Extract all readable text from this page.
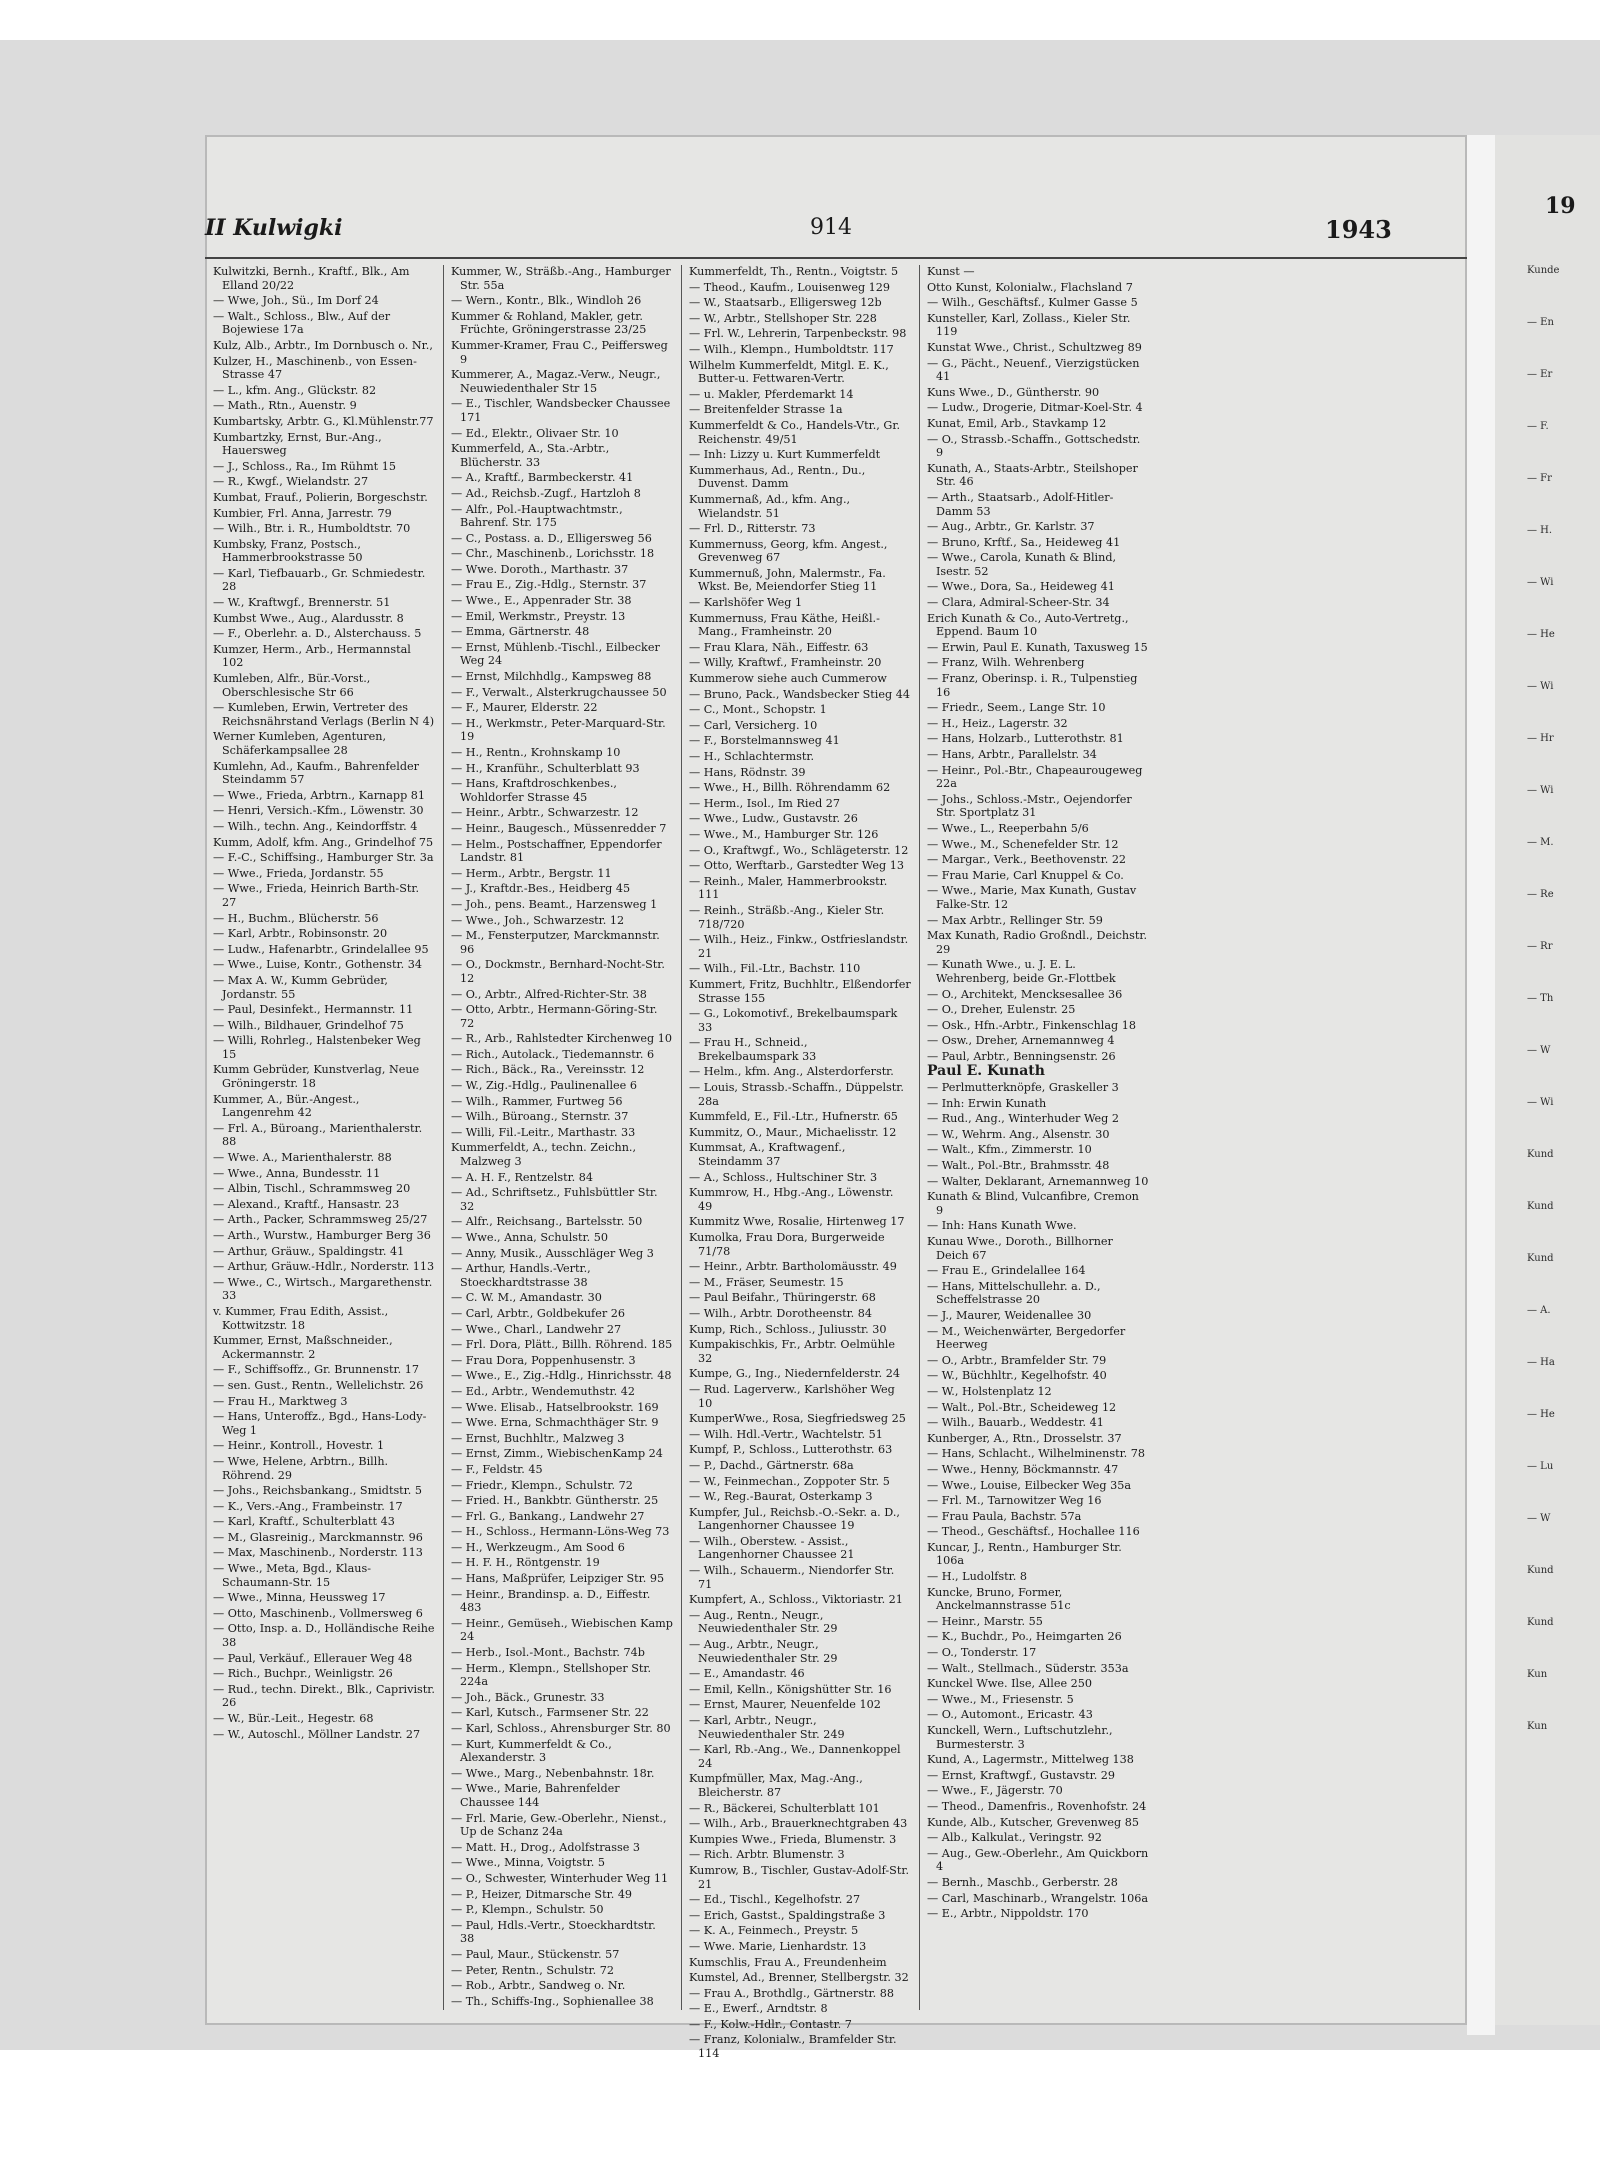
II Kulwigki	914	1943
Kulwitzki, Bernh., Kraftf., Blk., Am Elland 20/22
— Wwe, Joh., Sü., Im Dorf 24
— Walt., Schloss., Blw., Auf der Bojewiese 17a
Kulz, Alb., Arbtr., Im Dornbusch o. Nr.,
Kulzer, H., Maschinenb., von Essen-Strasse 47
— L., kfm. Ang., Glückstr. 82
— Math., Rtn., Auenstr. 9
Kumbartsky, Arbtr. G., Kl.Mühlenstr.77
Kumbartzky, Ernst, Bur.-Ang., Hauersweg
— J., Schloss., Ra., Im Rühmt 15
— R., Kwgf., Wielandstr. 27
Kumbat, Frauf., Polierin, Borgeschstr.
Kumbier, Frl. Anna, Jarrestr. 79
— Wilh., Btr. i. R., Humboldtstr. 70
Kumbsky, Franz, Postsch., Hammerbrookstrasse 50
— Karl, Tiefbauarb., Gr. Schmiedestr. 28
— W., Kraftwgf., Brennerstr. 51
Kumbst Wwe., Aug., Alardusstr. 8
— F., Oberlehr. a. D., Alsterchauss. 5
Kumzer, Herm., Arb., Hermannstal 102
Kumleben, Alfr., Bür.-Vorst., Oberschlesische Str 66
— Kumleben, Erwin, Vertreter des Reichsnährstand Verlags (Berlin N 4)
Werner Kumleben, Agenturen, Schäferkampsallee 28
Kumlehn, Ad., Kaufm., Bahrenfelder Steindamm 57
— Wwe., Frieda, Arbtrn., Karnapp 81
— Henri, Versich.-Kfm., Löwenstr. 30
— Wilh., techn. Ang., Keindorffstr. 4
Kumm, Adolf, kfm. Ang., Grindelhof 75
— F.-C., Schiffsing., Hamburger Str. 3a
— Wwe., Frieda, Jordanstr. 55
— Wwe., Frieda, Heinrich Barth-Str. 27
— H., Buchm., Blücherstr. 56
— Karl, Arbtr., Robinsonstr. 20
— Ludw., Hafenarbtr., Grindelallee 95
— Wwe., Luise, Kontr., Gothenstr. 34
— Max A. W., Kumm Gebrüder, Jordanstr. 55
— Paul, Desinfekt., Hermannstr. 11
— Wilh., Bildhauer, Grindelhof 75
— Willi, Rohrleg., Halstenbeker Weg 15
Kumm Gebrüder, Kunstverlag, Neue Gröningerstr. 18
Kummer, A., Bür.-Angest., Langenrehm 42
— Frl. A., Büroang., Marienthalerstr. 88
— Wwe. A., Marienthalerstr. 88
— Wwe., Anna, Bundesstr. 11
— Albin, Tischl., Schrammsweg 20
— Alexand., Kraftf., Hansastr. 23
— Arth., Packer, Schrammsweg 25/27
— Arth., Wurstw., Hamburger Berg 36
— Arthur, Gräuw., Spaldingstr. 41
— Arthur, Gräuw.-Hdlr., Norderstr. 113
— Wwe., C., Wirtsch., Margarethenstr. 33
v. Kummer, Frau Edith, Assist., Kottwitzstr. 18
Kummer, Ernst, Maßschneider., Ackermannstr. 2
— F., Schiffsoffz., Gr. Brunnenstr. 17
— sen. Gust., Rentn., Wellelichstr. 26
— Frau H., Marktweg 3
— Hans, Unteroffz., Bgd., Hans-Lody-Weg 1
— Heinr., Kontroll., Hovestr. 1
— Wwe, Helene, Arbtrn., Billh. Röhrend. 29
— Johs., Reichsbankang., Smidtstr. 5
— K., Vers.-Ang., Frambeinstr. 17
— Karl, Kraftf., Schulterblatt 43
— M., Glasreinig., Marckmannstr. 96
— Max, Maschinenb., Norderstr. 113
— Wwe., Meta, Bgd., Klaus-Schaumann-Str. 15
— Wwe., Minna, Heussweg 17
— Otto, Maschinenb., Vollmersweg 6
— Otto, Insp. a. D., Holländische Reihe 38
— Paul, Verkäuf., Ellerauer Weg 48
— Rich., Buchpr., Weinligstr. 26
— Rud., techn. Direkt., Blk., Caprivistr. 26
— W., Bür.-Leit., Hegestr. 68
— W., Autoschl., Möllner Landstr. 27
Kummer, W., Sträßb.-Ang., Hamburger Str. 55a
— Wern., Kontr., Blk., Windloh 26
Kummer & Rohland, Makler, getr. Früchte, Gröningerstrasse 23/25
Kummer-Kramer, Frau C., Peiffersweg 9
Kummerer, A., Magaz.-Verw., Neugr., Neuwiedenthaler Str 15
— E., Tischler, Wandsbecker Chaussee 171
— Ed., Elektr., Olivaer Str. 10
Kummerfeld, A., Sta.-Arbtr., Blücherstr. 33
— A., Kraftf., Barmbeckerstr. 41
— Ad., Reichsb.-Zugf., Hartzloh 8
— Alfr., Pol.-Hauptwachtmstr., Bahrenf. Str. 175
— C., Postass. a. D., Elligersweg 56
— Chr., Maschinenb., Lorichsstr. 18
— Wwe. Doroth., Marthastr. 37
— Frau E., Zig.-Hdlg., Sternstr. 37
— Wwe., E., Appenrader Str. 38
— Emil, Werkmstr., Preystr. 13
— Emma, Gärtnerstr. 48
— Ernst, Mühlenb.-Tischl., Eilbecker Weg 24
— Ernst, Milchhdlg., Kampsweg 88
— F., Verwalt., Alsterkrugchaussee 50
— F., Maurer, Elderstr. 22
— H., Werkmstr., Peter-Marquard-Str. 19
— H., Rentn., Krohnskamp 10
— H., Kranführ., Schulterblatt 93
— Hans, Kraftdroschkenbes., Wohldorfer Strasse 45
— Heinr., Arbtr., Schwarzestr. 12
— Heinr., Baugesch., Müssenredder 7
— Helm., Postschaffner, Eppendorfer Landstr. 81
— Herm., Arbtr., Bergstr. 11
— J., Kraftdr.-Bes., Heidberg 45
— Joh., pens. Beamt., Harzensweg 1
— Wwe., Joh., Schwarzestr. 12
— M., Fensterputzer, Marckmannstr. 96
— O., Dockmstr., Bernhard-Nocht-Str. 12
— O., Arbtr., Alfred-Richter-Str. 38
— Otto, Arbtr., Hermann-Göring-Str. 72
— R., Arb., Rahlstedter Kirchenweg 10
— Rich., Autolack., Tiedemannstr. 6
— Rich., Bäck., Ra., Vereinsstr. 12
— W., Zig.-Hdlg., Paulinenallee 6
— Wilh., Rammer, Furtweg 56
— Wilh., Büroang., Sternstr. 37
— Willi, Fil.-Leitr., Marthastr. 33
Kummerfeldt, A., techn. Zeichn., Malzweg 3
— A. H. F., Rentzelstr. 84
— Ad., Schriftsetz., Fuhlsbüttler Str. 32
— Alfr., Reichsang., Bartelsstr. 50
— Wwe., Anna, Schulstr. 50
— Anny, Musik., Ausschläger Weg 3
— Arthur, Handls.-Vertr., Stoeckhardtstrasse 38
— C. W. M., Amandastr. 30
— Carl, Arbtr., Goldbekufer 26
— Wwe., Charl., Landwehr 27
— Frl. Dora, Plätt., Billh. Röhrend. 185
— Frau Dora, Poppenhusenstr. 3
— Wwe., E., Zig.-Hdlg., Hinrichsstr. 48
— Ed., Arbtr., Wendemuthstr. 42
— Wwe. Elisab., Hatselbrookstr. 169
— Wwe. Erna, Schmachthäger Str. 9
— Ernst, Buchhltr., Malzweg 3
— Ernst, Zimm., WiebischenKamp 24
— F., Feldstr. 45
— Friedr., Klempn., Schulstr. 72
— Fried. H., Bankbtr. Güntherstr. 25
— Frl. G., Bankang., Landwehr 27
— H., Schloss., Hermann-Löns-Weg 73
— H., Werkzeugm., Am Sood 6
— H. F. H., Röntgenstr. 19
— Hans, Maßprüfer, Leipziger Str. 95
— Heinr., Brandinsp. a. D., Eiffestr. 483
— Heinr., Gemüseh., Wiebischen Kamp 24
— Herb., Isol.-Mont., Bachstr. 74b
— Herm., Klempn., Stellshoper Str. 224a
— Joh., Bäck., Grunestr. 33
— Karl, Kutsch., Farmsener Str. 22
— Karl, Schloss., Ahrensburger Str. 80
— Kurt, Kummerfeldt & Co., Alexanderstr. 3
— Wwe., Marg., Nebenbahnstr. 18r.
— Wwe., Marie, Bahrenfelder Chaussee 144
— Frl. Marie, Gew.-Oberlehr., Nienst., Up de Schanz 24a
— Matt. H., Drog., Adolfstrasse 3
— Wwe., Minna, Voigtstr. 5
— O., Schwester, Winterhuder Weg 11
— P., Heizer, Ditmarsche Str. 49
— P., Klempn., Schulstr. 50
— Paul, Hdls.-Vertr., Stoeckhardtstr. 38
— Paul, Maur., Stückenstr. 57
— Peter, Rentn., Schulstr. 72
— Rob., Arbtr., Sandweg o. Nr.
— Th., Schiffs-Ing., Sophienallee 38
Kummerfeldt, Th., Rentn., Voigtstr. 5
— Theod., Kaufm., Louisenweg 129
— W., Staatsarb., Elligersweg 12b
— W., Arbtr., Stellshoper Str. 228
— Frl. W., Lehrerin, Tarpenbeckstr. 98
— Wilh., Klempn., Humboldtstr. 117
Wilhelm Kummerfeldt, Mitgl. E. K., Butter-u. Fettwaren-Vertr.
— u. Makler, Pferdemarkt 14
— Breitenfelder Strasse 1a
Kummerfeldt & Co., Handels-Vtr., Gr. Reichenstr. 49/51
— Inh: Lizzy u. Kurt Kummerfeldt
Kummerhaus, Ad., Rentn., Du., Duvenst. Damm
Kummernaß, Ad., kfm. Ang., Wielandstr. 51
— Frl. D., Ritterstr. 73
Kummernuss, Georg, kfm. Angest., Grevenweg 67
Kummernuß, John, Malermstr., Fa. Wkst. Be, Meiendorfer Stieg 11
— Karlshöfer Weg 1
Kummernuss, Frau Käthe, Heißl.-Mang., Framheinstr. 20
— Frau Klara, Näh., Eiffestr. 63
— Willy, Kraftwf., Framheinstr. 20
Kummerow siehe auch Cummerow
— Bruno, Pack., Wandsbecker Stieg 44
— C., Mont., Schopstr. 1
— Carl, Versicherg. 10
— F., Borstelmannsweg 41
— H., Schlachtermstr.
— Hans, Rödnstr. 39
— Wwe., H., Billh. Röhrendamm 62
— Herm., Isol., Im Ried 27
— Wwe., Ludw., Gustavstr. 26
— Wwe., M., Hamburger Str. 126
— O., Kraftwgf., Wo., Schlägeterstr. 12
— Otto, Werftarb., Garstedter Weg 13
— Reinh., Maler, Hammerbrookstr. 111
— Reinh., Sträßb.-Ang., Kieler Str. 718/720
— Wilh., Heiz., Finkw., Ostfrieslandstr. 21
— Wilh., Fil.-Ltr., Bachstr. 110
Kummert, Fritz, Buchhltr., Elßendorfer Strasse 155
— G., Lokomotivf., Brekelbaumspark 33
— Frau H., Schneid., Brekelbaumspark 33
— Helm., kfm. Ang., Alsterdorferstr.
— Louis, Strassb.-Schaffn., Düppelstr. 28a
Kummfeld, E., Fil.-Ltr., Hufnerstr. 65
Kummitz, O., Maur., Michaelisstr. 12
Kummsat, A., Kraftwagenf., Steindamm 37
— A., Schloss., Hultschiner Str. 3
Kummrow, H., Hbg.-Ang., Löwenstr. 49
Kummitz Wwe, Rosalie, Hirtenweg 17
Kumolka, Frau Dora, Burgerweide 71/78
— Heinr., Arbtr. Bartholomäusstr. 49
— M., Fräser, Seumestr. 15
— Paul Beifahr., Thüringerstr. 68
— Wilh., Arbtr. Dorotheenstr. 84
Kump, Rich., Schloss., Juliusstr. 30
Kumpakischkis, Fr., Arbtr. Oelmühle 32
Kumpe, G., Ing., Niedernfelderstr. 24
— Rud. Lagerverw., Karlshöher Weg 10
KumperWwe., Rosa, Siegfriedsweg 25
— Wilh. Hdl.-Vertr., Wachtelstr. 51
Kumpf, P., Schloss., Lutterothstr. 63
— P., Dachd., Gärtnerstr. 68a
— W., Feinmechan., Zoppoter Str. 5
— W., Reg.-Baurat, Osterkamp 3
Kumpfer, Jul., Reichsb.-O.-Sekr. a. D., Langenhorner Chaussee 19
— Wilh., Oberstew. - Assist., Langenhorner Chaussee 21
— Wilh., Schauerm., Niendorfer Str. 71
Kumpfert, A., Schloss., Viktoriastr. 21
— Aug., Rentn., Neugr., Neuwiedenthaler Str. 29
— Aug., Arbtr., Neugr., Neuwiedenthaler Str. 29
— E., Amandastr. 46
— Emil, Kelln., Königshütter Str. 16
— Ernst, Maurer, Neuenfelde 102
— Karl, Arbtr., Neugr., Neuwiedenthaler Str. 249
— Karl, Rb.-Ang., We., Dannenkoppel 24
Kumpfmüller, Max, Mag.-Ang., Bleicherstr. 87
— R., Bäckerei, Schulterblatt 101
— Wilh., Arb., Brauerknechtgraben 43
Kumpies Wwe., Frieda, Blumenstr. 3
— Rich. Arbtr. Blumenstr. 3
Kumrow, B., Tischler, Gustav-Adolf-Str. 21
— Ed., Tischl., Kegelhofstr. 27
— Erich, Gastst., Spaldingstraße 3
— K. A., Feinmech., Preystr. 5
— Wwe. Marie, Lienhardstr. 13
Kumschlis, Frau A., Freundenheim
Kumstel, Ad., Brenner, Stellbergstr. 32
— Frau A., Brothdlg., Gärtnerstr. 88
— E., Ewerf., Arndtstr. 8
— F., Kolw.-Hdlr., Contastr. 7
— Franz, Kolonialw., Bramfelder Str. 114
Kunst —
Otto Kunst, Kolonialw., Flachsland 7
— Wilh., Geschäftsf., Kulmer Gasse 5
Kunsteller, Karl, Zollass., Kieler Str. 119
Kunstat Wwe., Christ., Schultzweg 89
— G., Pächt., Neuenf., Vierzigstücken 41
Kuns Wwe., D., Güntherstr. 90
— Ludw., Drogerie, Ditmar-Koel-Str. 4
Kunat, Emil, Arb., Stavkamp 12
— O., Strassb.-Schaffn., Gottschedstr. 9
Kunath, A., Staats-Arbtr., Steilshoper Str. 46
— Arth., Staatsarb., Adolf-Hitler-Damm 53
— Aug., Arbtr., Gr. Karlstr. 37
— Bruno, Krftf., Sa., Heideweg 41
— Wwe., Carola, Kunath & Blind, Isestr. 52
— Wwe., Dora, Sa., Heideweg 41
— Clara, Admiral-Scheer-Str. 34
Erich Kunath & Co., Auto-Vertretg., Eppend. Baum 10
— Erwin, Paul E. Kunath, Taxusweg 15
— Franz, Wilh. Wehrenberg
— Franz, Oberinsp. i. R., Tulpenstieg 16
— Friedr., Seem., Lange Str. 10
— H., Heiz., Lagerstr. 32
— Hans, Holzarb., Lutterothstr. 81
— Hans, Arbtr., Parallelstr. 34
— Heinr., Pol.-Btr., Chapeaurougeweg 22a
— Johs., Schloss.-Mstr., Oejendorfer Str. Sportplatz 31
— Wwe., L., Reeperbahn 5/6
— Wwe., M., Schenefelder Str. 12
— Margar., Verk., Beethovenstr. 22
— Frau Marie, Carl Knuppel & Co.
— Wwe., Marie, Max Kunath, Gustav Falke-Str. 12
— Max Arbtr., Rellinger Str. 59
Max Kunath, Radio Großndl., Deichstr. 29
— Kunath Wwe., u. J. E. L. Wehrenberg, beide Gr.-Flottbek
— O., Architekt, Mencksesallee 36
— O., Dreher, Eulenstr. 25
— Osk., Hfn.-Arbtr., Finkenschlag 18
— Osw., Dreher, Arnemannweg 4
— Paul, Arbtr., Benningsenstr. 26
Paul E. Kunath
— Perlmutterknöpfe, Graskeller 3
— Inh: Erwin Kunath
— Rud., Ang., Winterhuder Weg 2
— W., Wehrm. Ang., Alsenstr. 30
— Walt., Kfm., Zimmerstr. 10
— Walt., Pol.-Btr., Brahmsstr. 48
— Walter, Deklarant, Arnemannweg 10
Kunath & Blind, Vulcanfibre, Cremon 9
— Inh: Hans Kunath Wwe.
Kunau Wwe., Doroth., Billhorner Deich 67
— Frau E., Grindelallee 164
— Hans, Mittelschullehr. a. D., Scheffelstrasse 20
— J., Maurer, Weidenallee 30
— M., Weichenwärter, Bergedorfer Heerweg
— O., Arbtr., Bramfelder Str. 79
— W., Büchhltr., Kegelhofstr. 40
— W., Holstenplatz 12
— Walt., Pol.-Btr., Scheideweg 12
— Wilh., Bauarb., Weddestr. 41
Kunberger, A., Rtn., Drosselstr. 37
— Hans, Schlacht., Wilhelminenstr. 78
— Wwe., Henny, Böckmannstr. 47
— Wwe., Louise, Eilbecker Weg 35a
— Frl. M., Tarnowitzer Weg 16
— Frau Paula, Bachstr. 57a
— Theod., Geschäftsf., Hochallee 116
Kuncar, J., Rentn., Hamburger Str. 106a
— H., Ludolfstr. 8
Kuncke, Bruno, Former, Anckelmannstrasse 51c
— Heinr., Marstr. 55
— K., Buchdr., Po., Heimgarten 26
— O., Tonderstr. 17
— Walt., Stellmach., Süderstr. 353a
Kunckel Wwe. Ilse, Allee 250
— Wwe., M., Friesenstr. 5
— O., Automont., Ericastr. 43
Kunckell, Wern., Luftschutzlehr., Burmesterstr. 3
Kund, A., Lagermstr., Mittelweg 138
— Ernst, Kraftwgf., Gustavstr. 29
— Wwe., F., Jägerstr. 70
— Theod., Damenfris., Rovenhofstr. 24
Kunde, Alb., Kutscher, Grevenweg 85
— Alb., Kalkulat., Veringstr. 92
— Aug., Gew.-Oberlehr., Am Quickborn 4
— Bernh., Maschb., Gerberstr. 28
— Carl, Maschinarb., Wrangelstr. 106a
— E., Arbtr., Nippoldstr. 170
19
Kunde
— En
— Er
— F.
— Fr
— H.
— Wi
— He
— Wi
— Hr
— Wi
— M.
— Re
— Rr
— Th
— W
— Wi
Kund
Kund
Kund
— A.
— Ha
— He
— Lu
— W
Kund
Kund
Kun
Kun
